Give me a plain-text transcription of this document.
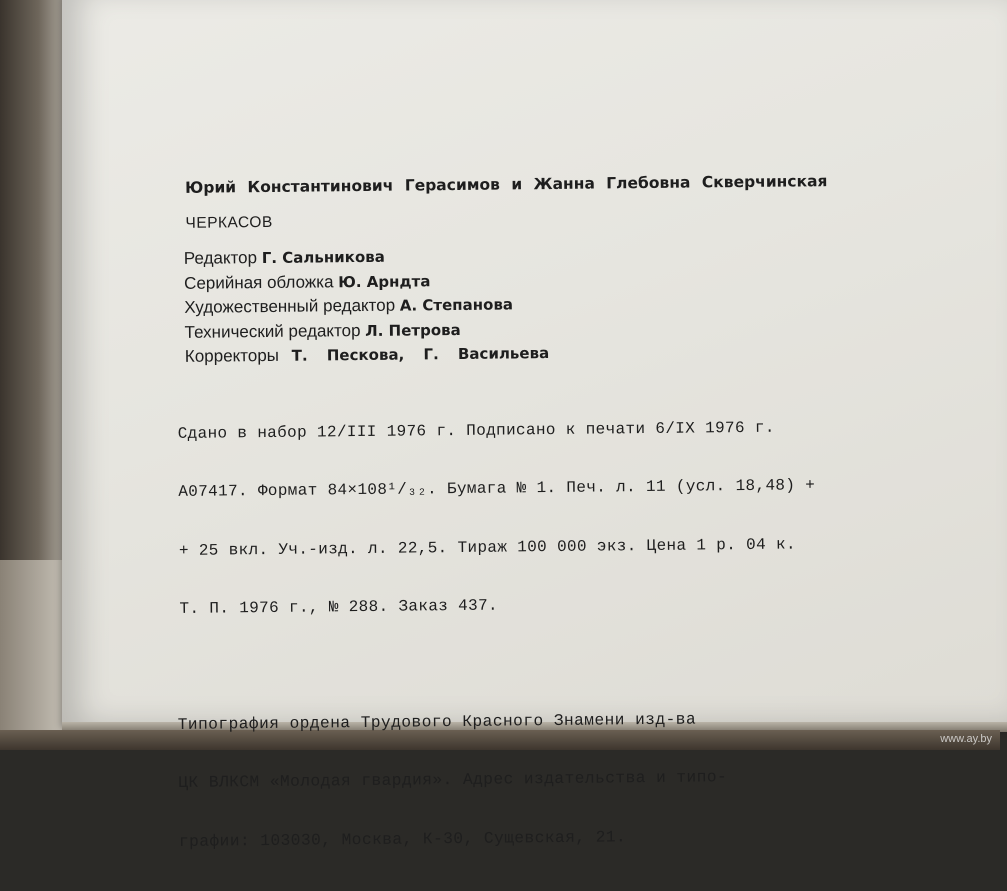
Юрий Константинович Герасимов и Жанна Глебовна Скверчинская
ЧЕРКАСОВ
Редактор Г. Сальникова
Серийная обложка Ю. Арндта
Художественный редактор А. Степанова
Технический редактор Л. Петрова
Корректоры Т. Пескова, Г. Васильева

Сдано в набор 12/III 1976 г. Подписано к печати 6/IX 1976 г.

А07417. Формат 84×108¹/₃₂. Бумага № 1. Печ. л. 11 (усл. 18,48) +

+ 25 вкл. Уч.-изд. л. 22,5. Тираж 100 000 экз. Цена 1 р. 04 к.

Т. П. 1976 г., № 288. Заказ 437.

Типография ордена Трудового Красного Знамени изд-ва

ЦК ВЛКСМ «Молодая гвардия». Адрес издательства и типо-

графии: 103030, Москва, К-30, Сущевская, 21.

www.ay.by
